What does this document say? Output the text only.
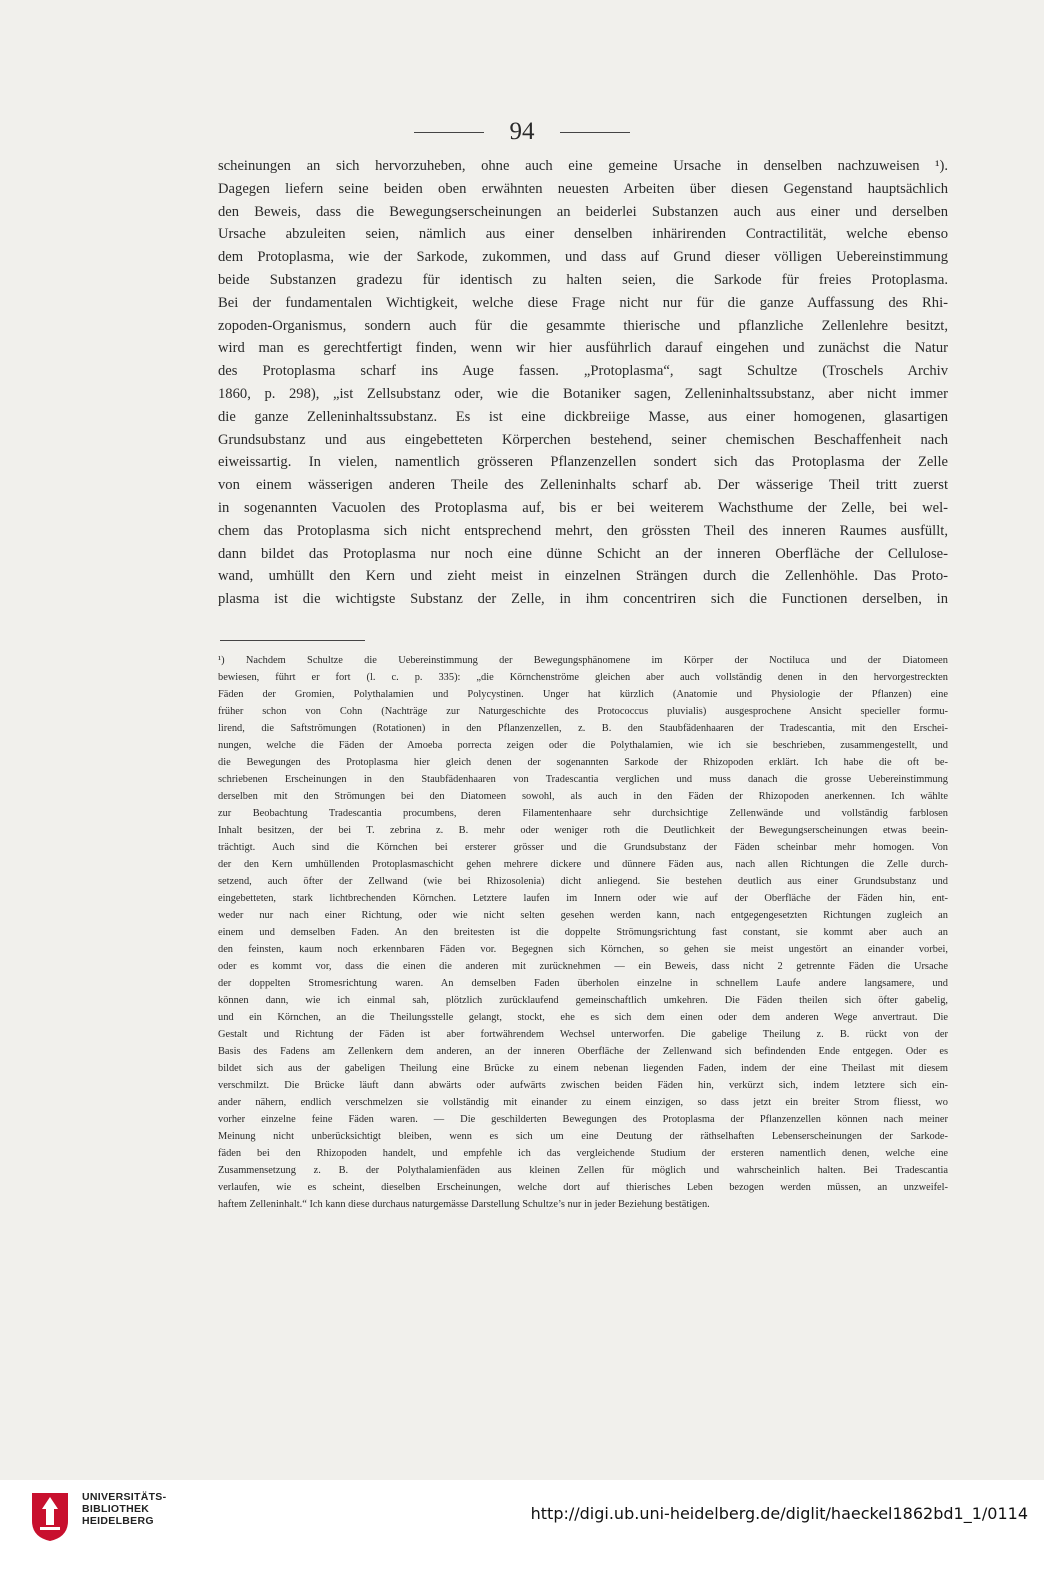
94
scheinungen an sich hervorzuheben, ohne auch eine gemeine Ursache in denselben nachzuweisen ¹).
Dagegen liefern seine beiden oben erwähnten neuesten Arbeiten über diesen Gegenstand hauptsächlich
den Beweis, dass die Bewegungserscheinungen an beiderlei Substanzen auch aus einer und derselben
Ursache abzuleiten seien, nämlich aus einer denselben inhärirenden Contractilität, welche ebenso
dem Protoplasma, wie der Sarkode, zukommen, und dass auf Grund dieser völligen Uebereinstimmung
beide Substanzen gradezu für identisch zu halten seien, die Sarkode für freies Protoplasma.
Bei der fundamentalen Wichtigkeit, welche diese Frage nicht nur für die ganze Auffassung des Rhi-
zopoden-Organismus, sondern auch für die gesammte thierische und pflanzliche Zellenlehre besitzt,
wird man es gerechtfertigt finden, wenn wir hier ausführlich darauf eingehen und zunächst die Natur
des Protoplasma scharf ins Auge fassen. „Protoplasma“, sagt Schultze (Troschels Archiv
1860, p. 298), „ist Zellsubstanz oder, wie die Botaniker sagen, Zelleninhaltssubstanz, aber nicht immer
die ganze Zelleninhaltssubstanz. Es ist eine dickbreiige Masse, aus einer homogenen, glasartigen
Grundsubstanz und aus eingebetteten Körperchen bestehend, seiner chemischen Beschaffenheit nach
eiweissartig. In vielen, namentlich grösseren Pflanzenzellen sondert sich das Protoplasma der Zelle
von einem wässerigen anderen Theile des Zelleninhalts scharf ab. Der wässerige Theil tritt zuerst
in sogenannten Vacuolen des Protoplasma auf, bis er bei weiterem Wachsthume der Zelle, bei wel-
chem das Protoplasma sich nicht entsprechend mehrt, den grössten Theil des inneren Raumes ausfüllt,
dann bildet das Protoplasma nur noch eine dünne Schicht an der inneren Oberfläche der Cellulose-
wand, umhüllt den Kern und zieht meist in einzelnen Strängen durch die Zellenhöhle. Das Proto-
plasma ist die wichtigste Substanz der Zelle, in ihm concentriren sich die Functionen derselben, in
¹) Nachdem Schultze die Uebereinstimmung der Bewegungsphänomene im Körper der Noctiluca und der Diatomeen
bewiesen, führt er fort (l. c. p. 335): „die Körnchenströme gleichen aber auch vollständig denen in den hervorgestreckten
Fäden der Gromien, Polythalamien und Polycystinen. Unger hat kürzlich (Anatomie und Physiologie der Pflanzen) eine
früher schon von Cohn (Nachträge zur Naturgeschichte des Protococcus pluvialis) ausgesprochene Ansicht specieller formu-
lirend, die Saftströmungen (Rotationen) in den Pflanzenzellen, z. B. den Staubfädenhaaren der Tradescantia, mit den Erschei-
nungen, welche die Fäden der Amoeba porrecta zeigen oder die Polythalamien, wie ich sie beschrieben, zusammengestellt, und
die Bewegungen des Protoplasma hier gleich denen der sogenannten Sarkode der Rhizopoden erklärt. Ich habe die oft be-
schriebenen Erscheinungen in den Staubfädenhaaren von Tradescantia verglichen und muss danach die grosse Uebereinstimmung
derselben mit den Strömungen bei den Diatomeen sowohl, als auch in den Fäden der Rhizopoden anerkennen. Ich wählte
zur Beobachtung Tradescantia procumbens, deren Filamentenhaare sehr durchsichtige Zellenwände und vollständig farblosen
Inhalt besitzen, der bei T. zebrina z. B. mehr oder weniger roth die Deutlichkeit der Bewegungserscheinungen etwas beein-
trächtigt. Auch sind die Körnchen bei ersterer grösser und die Grundsubstanz der Fäden scheinbar mehr homogen. Von
der den Kern umhüllenden Protoplasmaschicht gehen mehrere dickere und dünnere Fäden aus, nach allen Richtungen die Zelle durch-
setzend, auch öfter der Zellwand (wie bei Rhizosolenia) dicht anliegend. Sie bestehen deutlich aus einer Grundsubstanz und
eingebetteten, stark lichtbrechenden Körnchen. Letztere laufen im Innern oder wie auf der Oberfläche der Fäden hin, ent-
weder nur nach einer Richtung, oder wie nicht selten gesehen werden kann, nach entgegengesetzten Richtungen zugleich an
einem und demselben Faden. An den breitesten ist die doppelte Strömungsrichtung fast constant, sie kommt aber auch an
den feinsten, kaum noch erkennbaren Fäden vor. Begegnen sich Körnchen, so gehen sie meist ungestört an einander vorbei,
oder es kommt vor, dass die einen die anderen mit zurücknehmen — ein Beweis, dass nicht 2 getrennte Fäden die Ursache
der doppelten Stromesrichtung waren. An demselben Faden überholen einzelne in schnellem Laufe andere langsamere, und
können dann, wie ich einmal sah, plötzlich zurücklaufend gemeinschaftlich umkehren. Die Fäden theilen sich öfter gabelig,
und ein Körnchen, an die Theilungsstelle gelangt, stockt, ehe es sich dem einen oder dem anderen Wege anvertraut. Die
Gestalt und Richtung der Fäden ist aber fortwährendem Wechsel unterworfen. Die gabelige Theilung z. B. rückt von der
Basis des Fadens am Zellenkern dem anderen, an der inneren Oberfläche der Zellenwand sich befindenden Ende entgegen. Oder es
bildet sich aus der gabeligen Theilung eine Brücke zu einem nebenan liegenden Faden, indem der eine Theilast mit diesem
verschmilzt. Die Brücke läuft dann abwärts oder aufwärts zwischen beiden Fäden hin, verkürzt sich, indem letztere sich ein-
ander nähern, endlich verschmelzen sie vollständig mit einander zu einem einzigen, so dass jetzt ein breiter Strom fliesst, wo
vorher einzelne feine Fäden waren. — Die geschilderten Bewegungen des Protoplasma der Pflanzenzellen können nach meiner
Meinung nicht unberücksichtigt bleiben, wenn es sich um eine Deutung der räthselhaften Lebenserscheinungen der Sarkode-
fäden bei den Rhizopoden handelt, und empfehle ich das vergleichende Studium der ersteren namentlich denen, welche eine
Zusammensetzung z. B. der Polythalamienfäden aus kleinen Zellen für möglich und wahrscheinlich halten. Bei Tradescantia
verlaufen, wie es scheint, dieselben Erscheinungen, welche dort auf thierisches Leben bezogen werden müssen, an unzweifel-
haftem Zelleninhalt.“ Ich kann diese durchaus naturgemässe Darstellung Schultze’s nur in jeder Beziehung bestätigen.
UNIVERSITÄTS-
BIBLIOTHEK
HEIDELBERG	http://digi.ub.uni-heidelberg.de/diglit/haeckel1862bd1_1/0114
